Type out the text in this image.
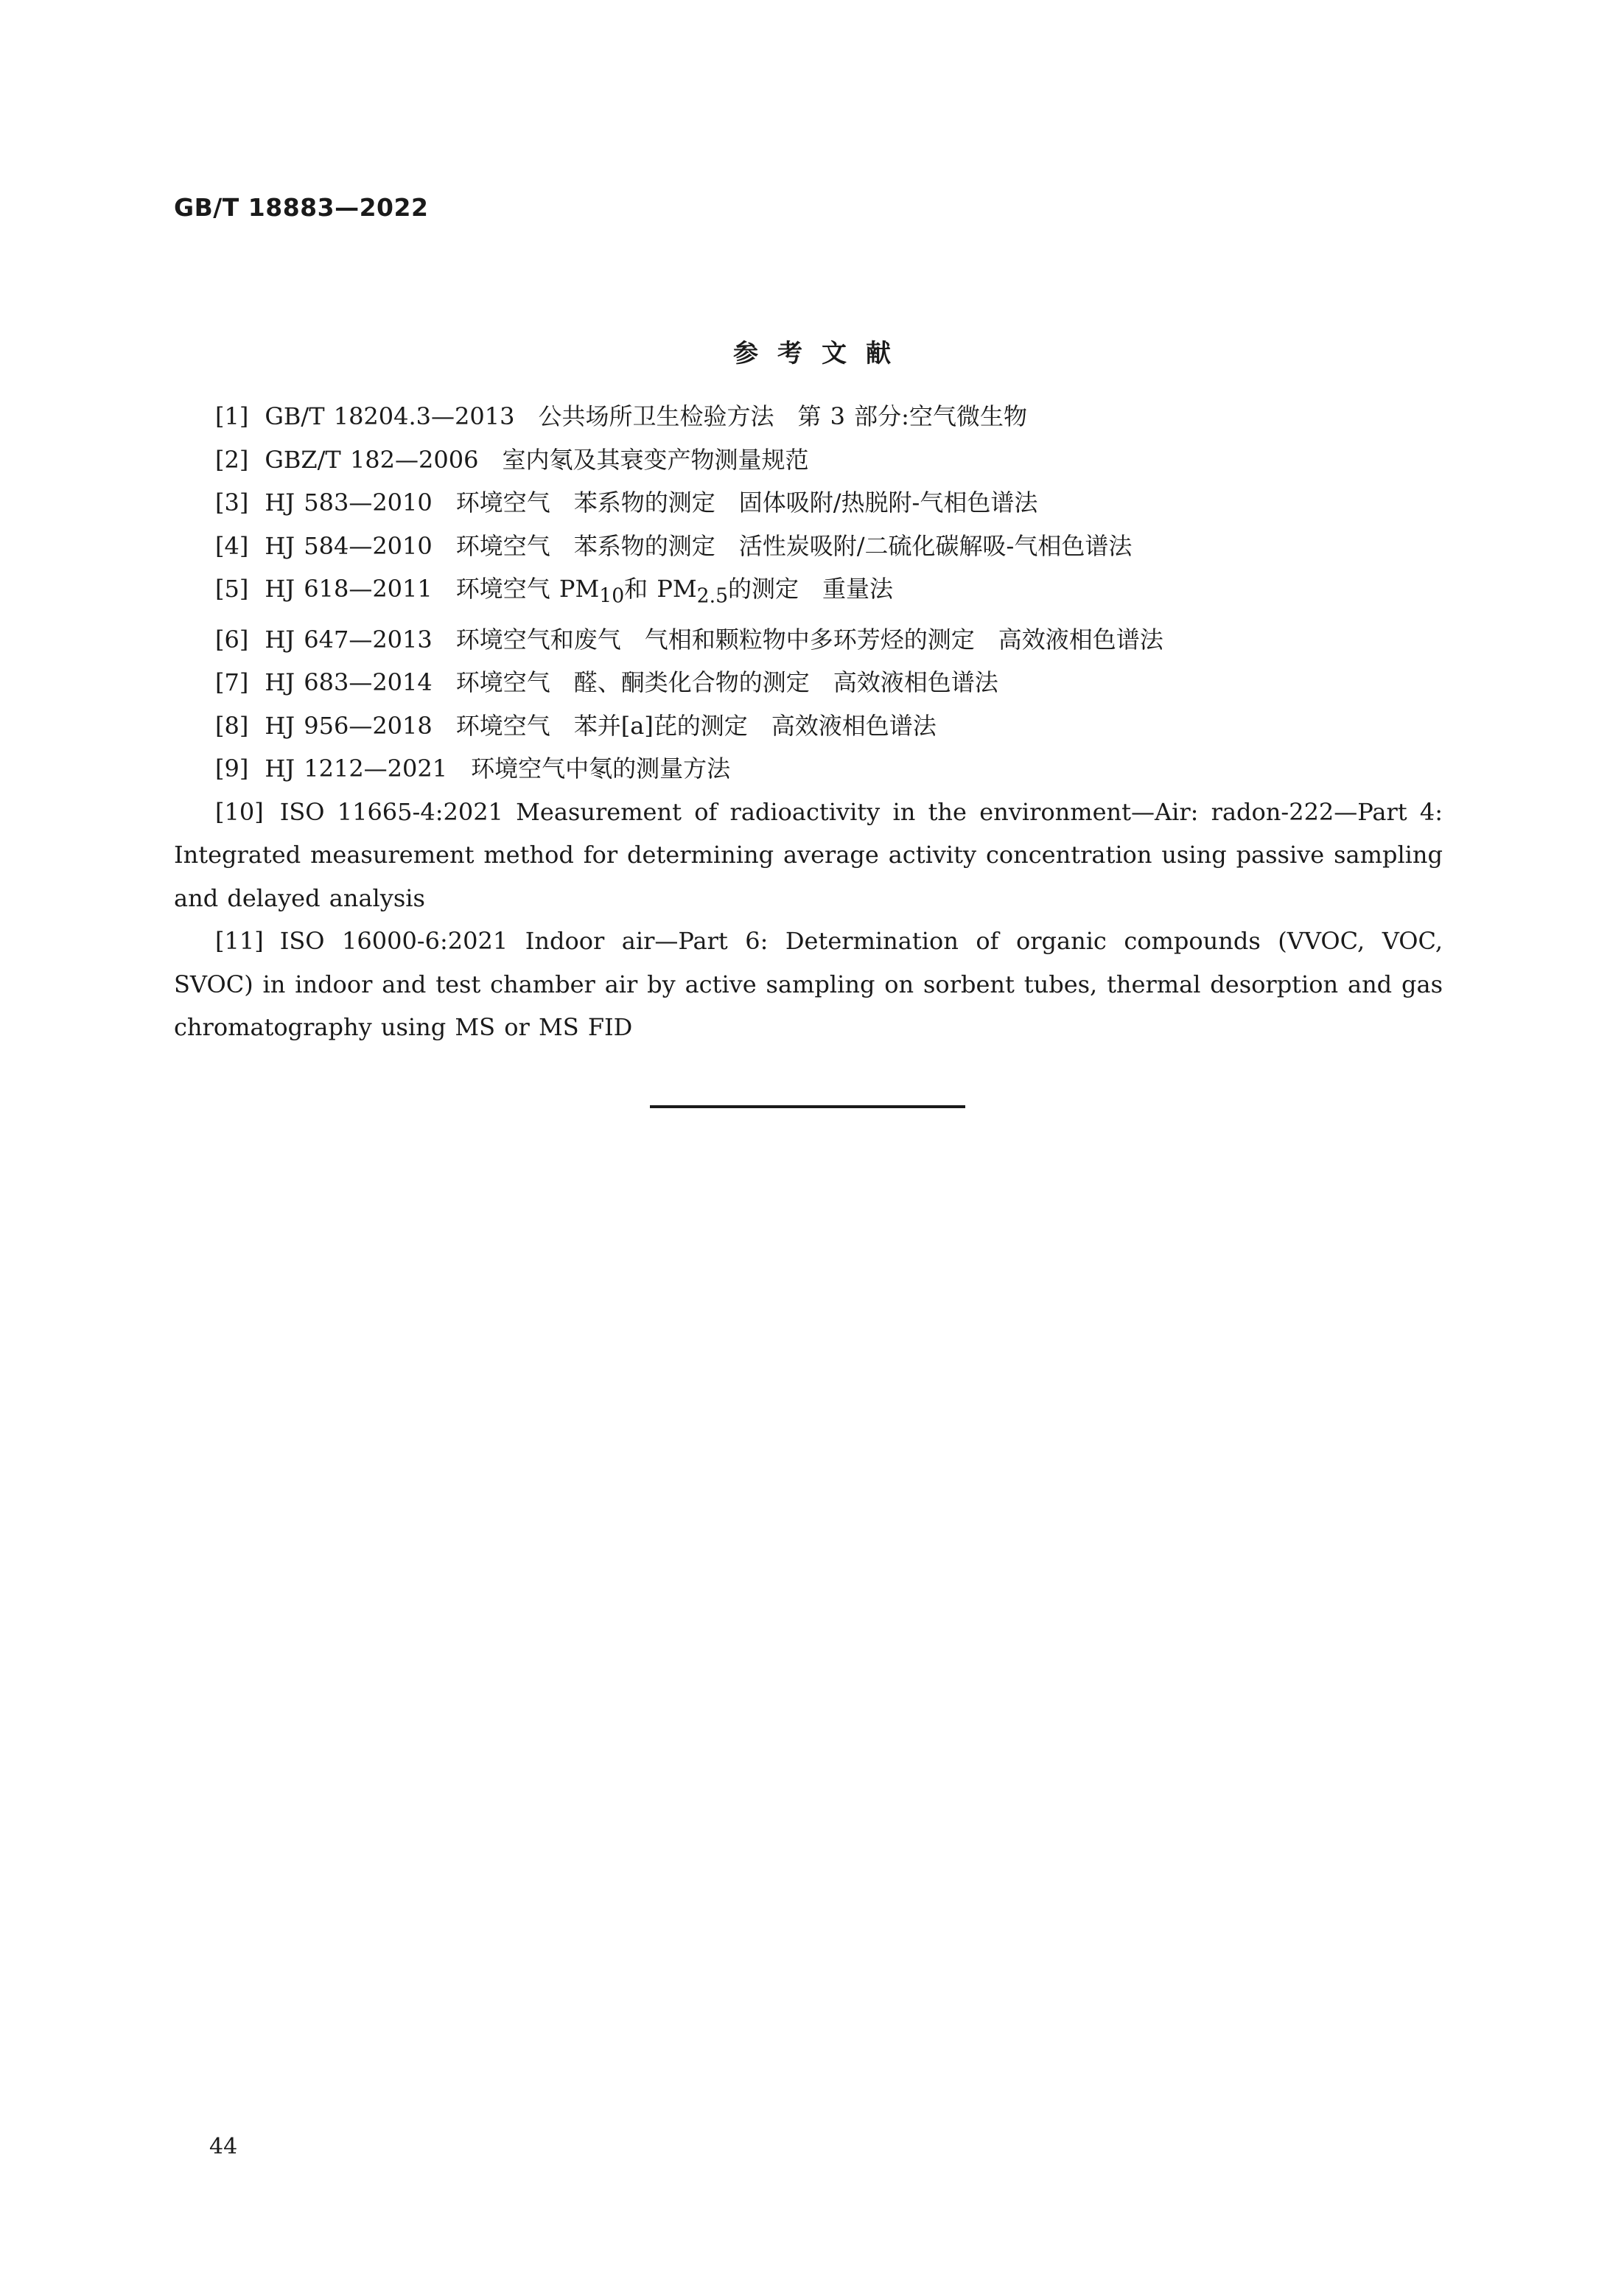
GB/T 18883—2022
参考文献
[1] GB/T 18204.3—2013　公共场所卫生检验方法　第 3 部分:空气微生物
[2] GBZ/T 182—2006　室内氡及其衰变产物测量规范
[3] HJ 583—2010　环境空气　苯系物的测定　固体吸附/热脱附-气相色谱法
[4] HJ 584—2010　环境空气　苯系物的测定　活性炭吸附/二硫化碳解吸-气相色谱法
[5] HJ 618—2011　环境空气 $PM_{10}$和 $PM_{2.5}$的测定　重量法
[6] HJ 647—2013　环境空气和废气　气相和颗粒物中多环芳烃的测定　高效液相色谱法
[7] HJ 683—2014　环境空气　醛、酮类化合物的测定　高效液相色谱法
[8] HJ 956—2018　环境空气　苯并[a]芘的测定　高效液相色谱法
[9] HJ 1212—2021　环境空气中氡的测量方法
[10] ISO 11665-4:2021 Measurement of radioactivity in the environment—Air: radon-222—Part 4: Integrated measurement method for determining average activity concentration using passive sampling and delayed analysis
[11] ISO 16000-6:2021 Indoor air—Part 6: Determination of organic compounds (VVOC, VOC, SVOC) in indoor and test chamber air by active sampling on sorbent tubes, thermal desorption and gas chromatography using MS or MS FID
44
